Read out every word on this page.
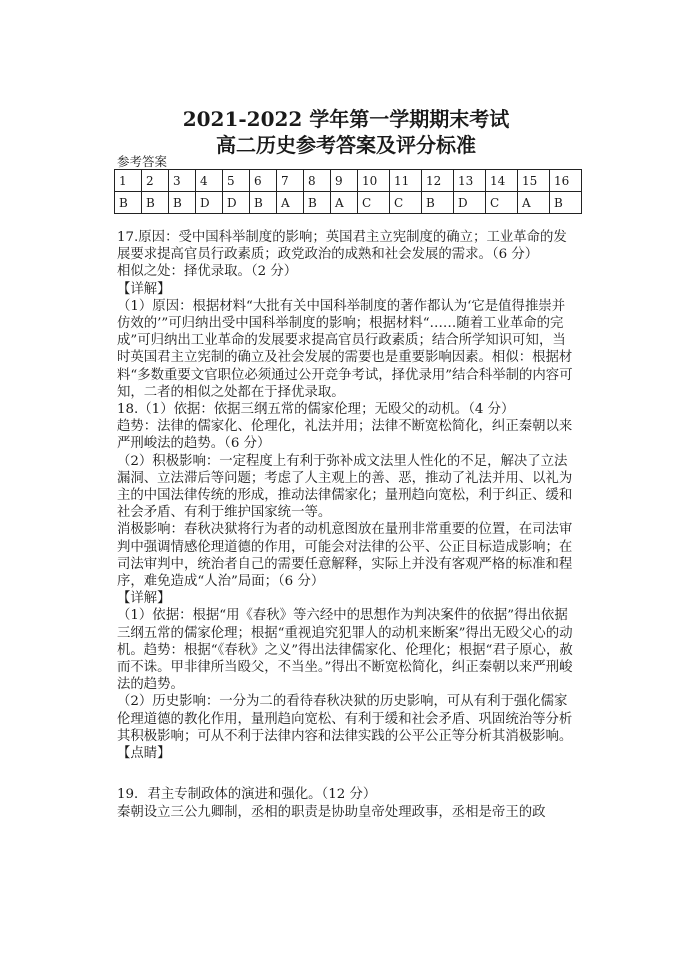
2021-2022 学年第一学期期末考试
高二历史参考答案及评分标准
参考答案
1	2	3	4	5	6	7	8	9	10	11	12	13	14	15	16
B	B	B	D	D	B	A	B	A	C	C	B	D	C	A	B

17.原因：受中国科举制度的影响；英国君主立宪制度的确立；工业革命的发展要求提高官员行政素质；政党政治的成熟和社会发展的需求。（6 分）

相似之处：择优录取。（2 分）

【详解】

（1）原因：根据材料“大批有关中国科举制度的著作都认为‘它是值得推崇并仿效的’”可归纳出受中国科举制度的影响；根据材料“……随着工业革命的完成”可归纳出工业革命的发展要求提高官员行政素质；结合所学知识可知，当时英国君主立宪制的确立及社会发展的需要也是重要影响因素。相似：根据材料“多数重要文官职位必须通过公开竞争考试，择优录用”结合科举制的内容可知，二者的相似之处都在于择优录取。

18.（1）依据：依据三纲五常的儒家伦理；无殴父的动机。（4 分）

趋势：法律的儒家化、伦理化，礼法并用；法律不断宽松简化，纠正秦朝以来严刑峻法的趋势。（6 分）

（2）积极影响：一定程度上有利于弥补成文法里人性化的不足，解决了立法漏洞、立法滞后等问题；考虑了人主观上的善、恶，推动了礼法并用、以礼为主的中国法律传统的形成，推动法律儒家化；量刑趋向宽松，利于纠正、缓和社会矛盾、有利于维护国家统一等。

消极影响：春秋决狱将行为者的动机意图放在量刑非常重要的位置，在司法审判中强调情感伦理道德的作用，可能会对法律的公平、公正目标造成影响；在司法审判中，统治者自己的需要任意解释，实际上并没有客观严格的标准和程序，难免造成“人治”局面；（6 分）

【详解】

（1）依据：根据“用《春秋》等六经中的思想作为判决案件的依据”得出依据三纲五常的儒家伦理；根据“重视追究犯罪人的动机来断案”得出无殴父心的动机。趋势：根据“《春秋》之义”得出法律儒家化、伦理化；根据“君子原心，赦而不诛。甲非律所当殴父，不当坐。”得出不断宽松简化，纠正秦朝以来严刑峻法的趋势。

（2）历史影响：一分为二的看待春秋决狱的历史影响，可从有利于强化儒家伦理道德的教化作用，量刑趋向宽松、有利于缓和社会矛盾、巩固统治等分析其积极影响；可从不利于法律内容和法律实践的公平公正等分析其消极影响。

【点睛】

19．君主专制政体的演进和强化。（12 分）

秦朝设立三公九卿制，丞相的职责是协助皇帝处理政事，丞相是帝王的政
